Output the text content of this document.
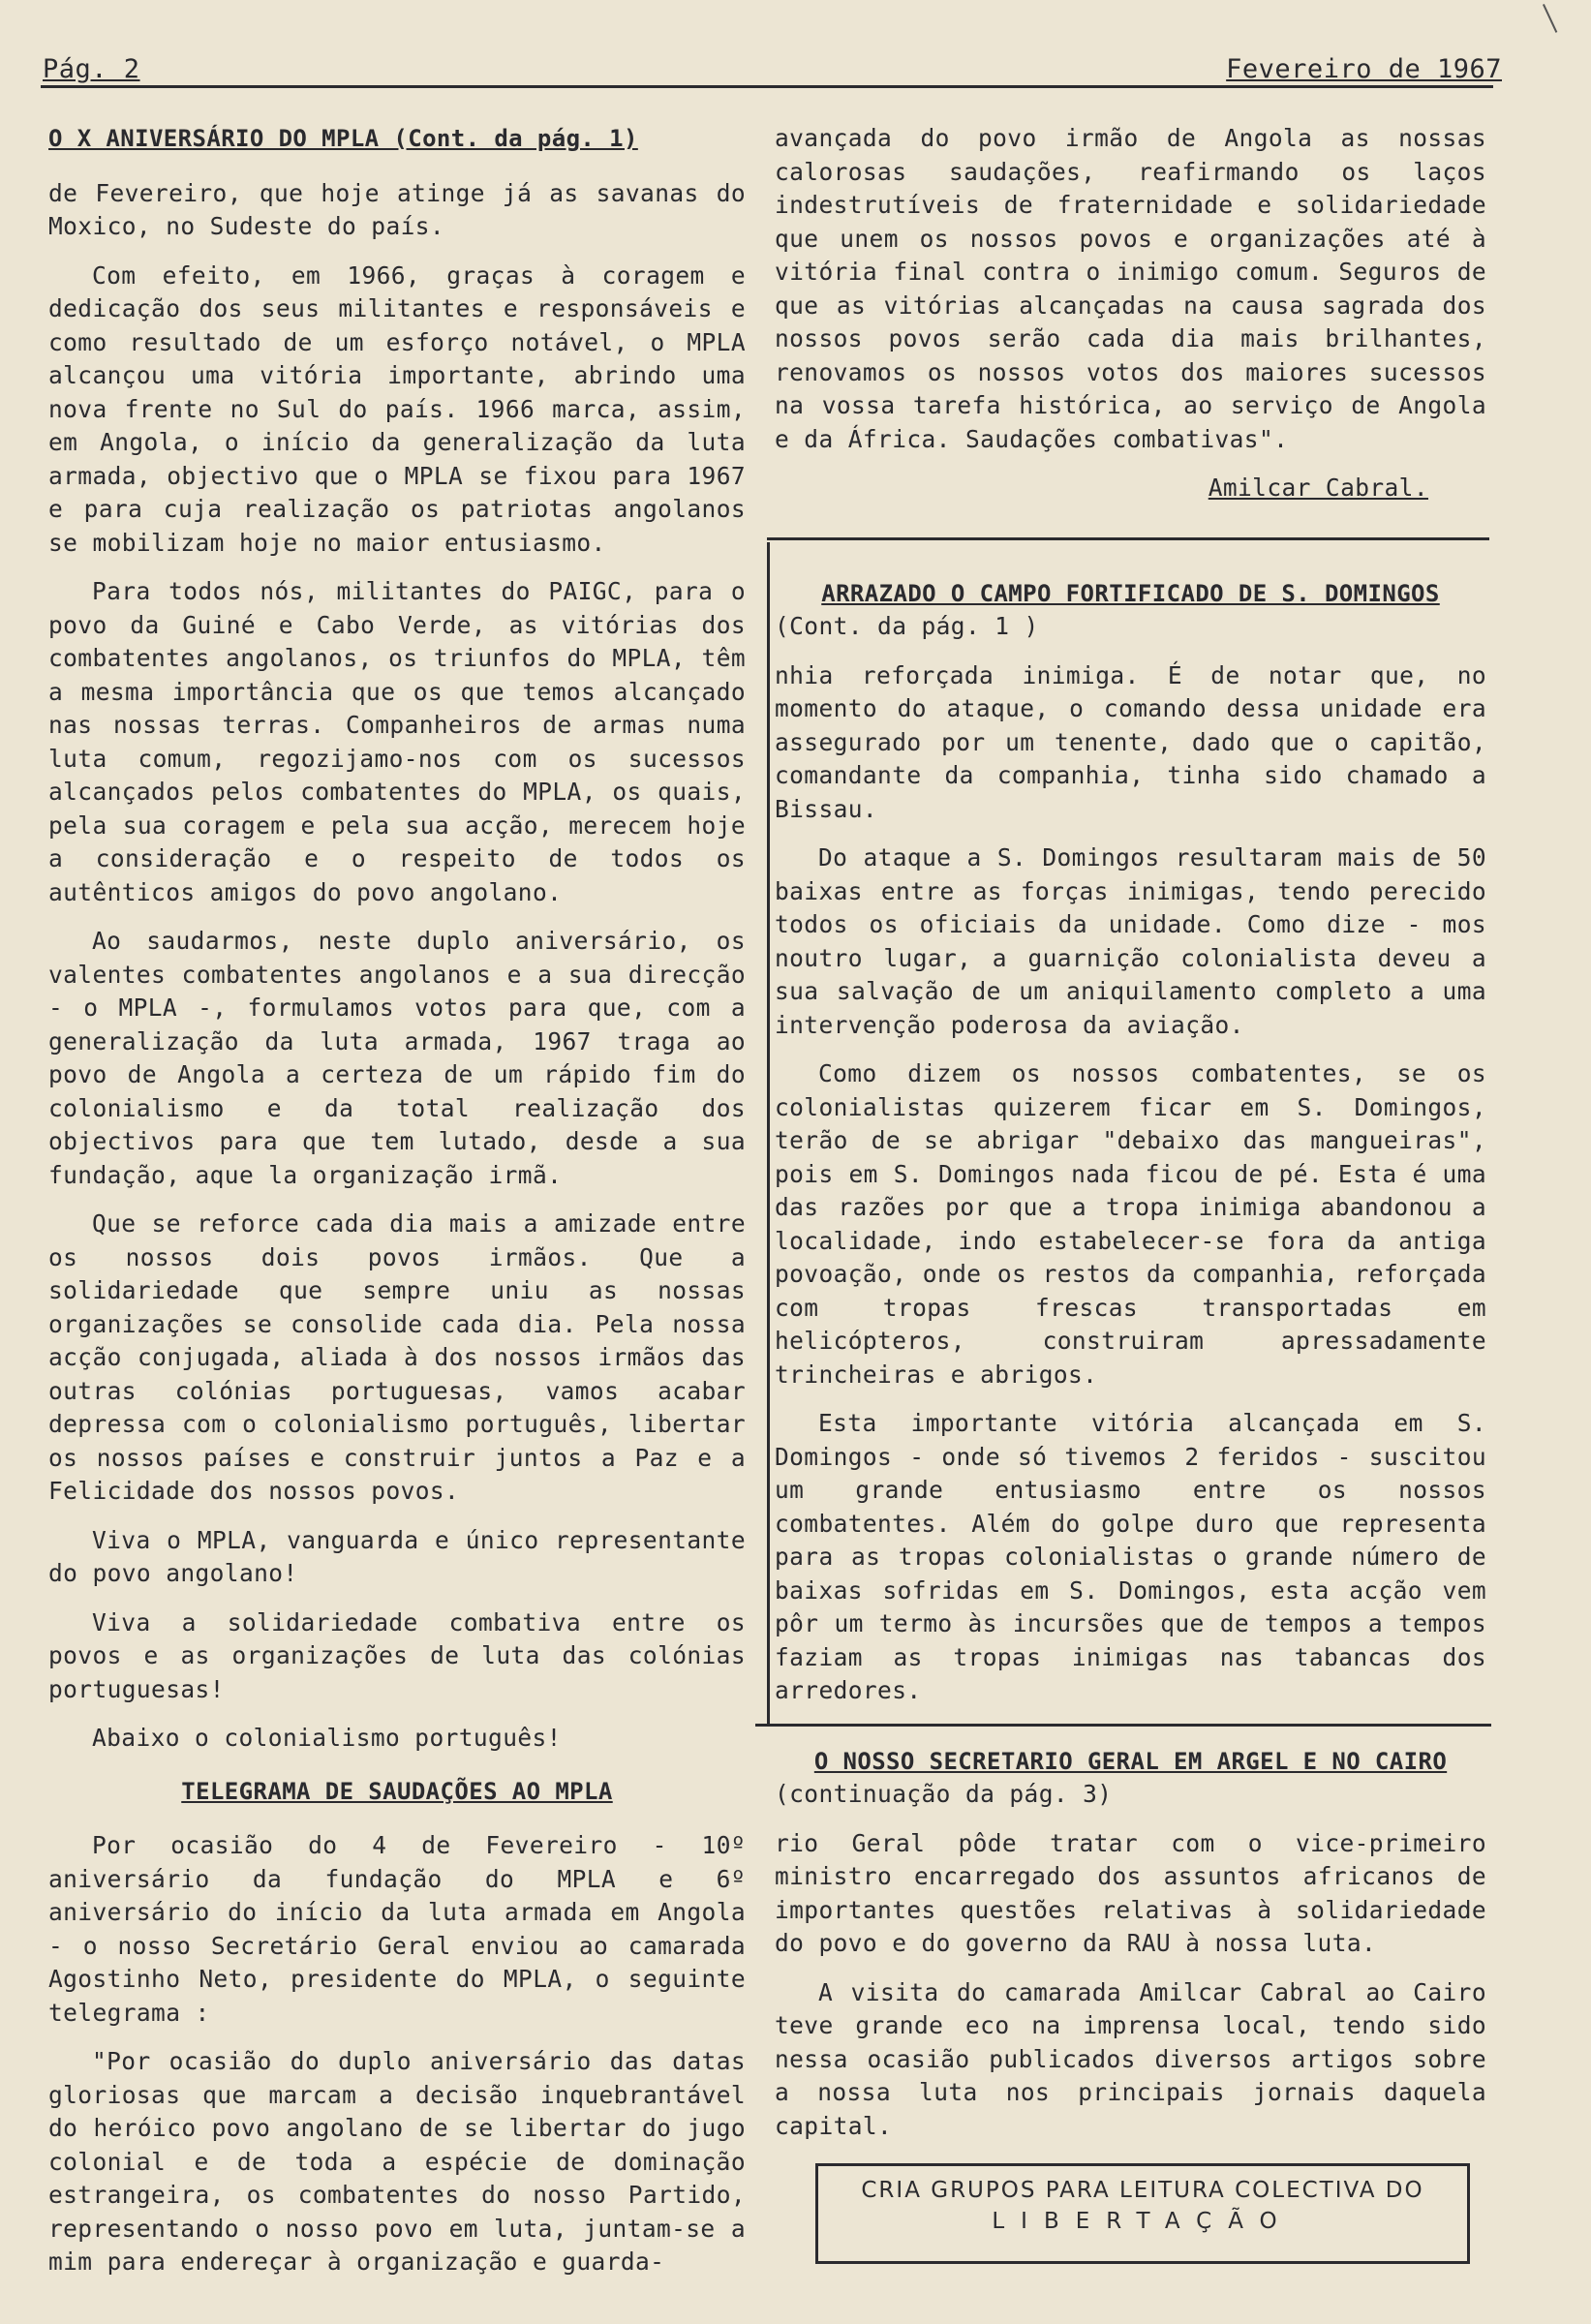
Pág. 2	Fevereiro de 1967
O X ANIVERSÁRIO DO MPLA (Cont. da pág. 1)

de Fevereiro, que hoje atinge já as savanas do Moxico, no Sudeste do país.

Com efeito, em 1966, graças à coragem e dedicação dos seus militantes e responsáveis e como resultado de um esforço notável, o MPLA alcançou uma vitória importante, abrindo uma nova frente no Sul do país. 1966 marca, assim, em Angola, o início da generalização da luta armada, objectivo que o MPLA se fixou para 1967 e para cuja realização os patriotas angolanos se mobilizam hoje no maior entusiasmo.

Para todos nós, militantes do PAIGC, para o povo da Guiné e Cabo Verde, as vitórias dos combatentes angolanos, os triunfos do MPLA, têm a mesma importância que os que temos alcançado nas nossas terras. Companheiros de armas numa luta comum, regozijamo-nos com os sucessos alcançados pelos combatentes do MPLA, os quais, pela sua coragem e pela sua acção, merecem hoje a consideração e o respeito de todos os autênticos amigos do povo angolano.

Ao saudarmos, neste duplo aniversário, os valentes combatentes angolanos e a sua direcção - o MPLA -, formulamos votos para que, com a generalização da luta armada, 1967 traga ao povo de Angola a certeza de um rápido fim do colonialismo e da total realização dos objectivos para que tem lutado, desde a sua fundação, aque la organização irmã.

Que se reforce cada dia mais a amizade entre os nossos dois povos irmãos. Que a solidariedade que sempre uniu as nossas organizações se consolide cada dia. Pela nossa acção conjugada, aliada à dos nossos irmãos das outras colónias portuguesas, vamos acabar depressa com o colonialismo português, libertar os nossos países e construir juntos a Paz e a Felicidade dos nossos povos.

Viva o MPLA, vanguarda e único representante do povo angolano!

Viva a solidariedade combativa entre os povos e as organizações de luta das colónias portuguesas!

Abaixo o colonialismo português!

TELEGRAMA DE SAUDAÇÕES AO MPLA

Por ocasião do 4 de Fevereiro - 10º aniversário da fundação do MPLA e 6º aniversário do início da luta armada em Angola - o nosso Secretário Geral enviou ao camarada Agostinho Neto, presidente do MPLA, o seguinte telegrama :

"Por ocasião do duplo aniversário das datas gloriosas que marcam a decisão inquebrantável do heróico povo angolano de se libertar do jugo colonial e de toda a espécie de dominação estrangeira, os combatentes do nosso Partido, representando o nosso povo em luta, juntam-se a mim para endereçar à organização e guarda-

avançada do povo irmão de Angola as nossas calorosas saudações, reafirmando os laços indestrutíveis de fraternidade e solidariedade que unem os nossos povos e organizações até à vitória final contra o inimigo comum. Seguros de que as vitórias alcançadas na causa sagrada dos nossos povos serão cada dia mais brilhantes, renovamos os nossos votos dos maiores sucessos na vossa tarefa histórica, ao serviço de Angola e da África. Saudações combativas".

Amilcar Cabral.

ARRAZADO O CAMPO FORTIFICADO DE S. DOMINGOS

(Cont. da pág. 1 )

nhia reforçada inimiga. É de notar que, no momento do ataque, o comando dessa unidade era assegurado por um tenente, dado que o capitão, comandante da companhia, tinha sido chamado a Bissau.

Do ataque a S. Domingos resultaram mais de 50 baixas entre as forças inimigas, tendo perecido todos os oficiais da unidade. Como dize - mos noutro lugar, a guarnição colonialista deveu a sua salvação de um aniquilamento completo a uma intervenção poderosa da aviação.

Como dizem os nossos combatentes, se os colonialistas quizerem ficar em S. Domingos, terão de se abrigar "debaixo das mangueiras", pois em S. Domingos nada ficou de pé. Esta é uma das razões por que a tropa inimiga abandonou a localidade, indo estabelecer-se fora da antiga povoação, onde os restos da companhia, reforçada com tropas frescas transportadas em helicópteros, construiram apressadamente trincheiras e abrigos.

Esta importante vitória alcançada em S. Domingos - onde só tivemos 2 feridos - suscitou um grande entusiasmo entre os nossos combatentes. Além do golpe duro que representa para as tropas colonialistas o grande número de baixas sofridas em S. Domingos, esta acção vem pôr um termo às incursões que de tempos a tempos faziam as tropas inimigas nas tabancas dos arredores.

O NOSSO SECRETARIO GERAL EM ARGEL E NO CAIRO

(continuação da pág. 3)

rio Geral pôde tratar com o vice-primeiro ministro encarregado dos assuntos africanos de importantes questões relativas à solidariedade do povo e do governo da RAU à nossa luta.

A visita do camarada Amilcar Cabral ao Cairo teve grande eco na imprensa local, tendo sido nessa ocasião publicados diversos artigos sobre a nossa luta nos principais jornais daquela capital.

CRIA GRUPOS PARA LEITURA COLECTIVA DO
LIBERTAÇÃO
